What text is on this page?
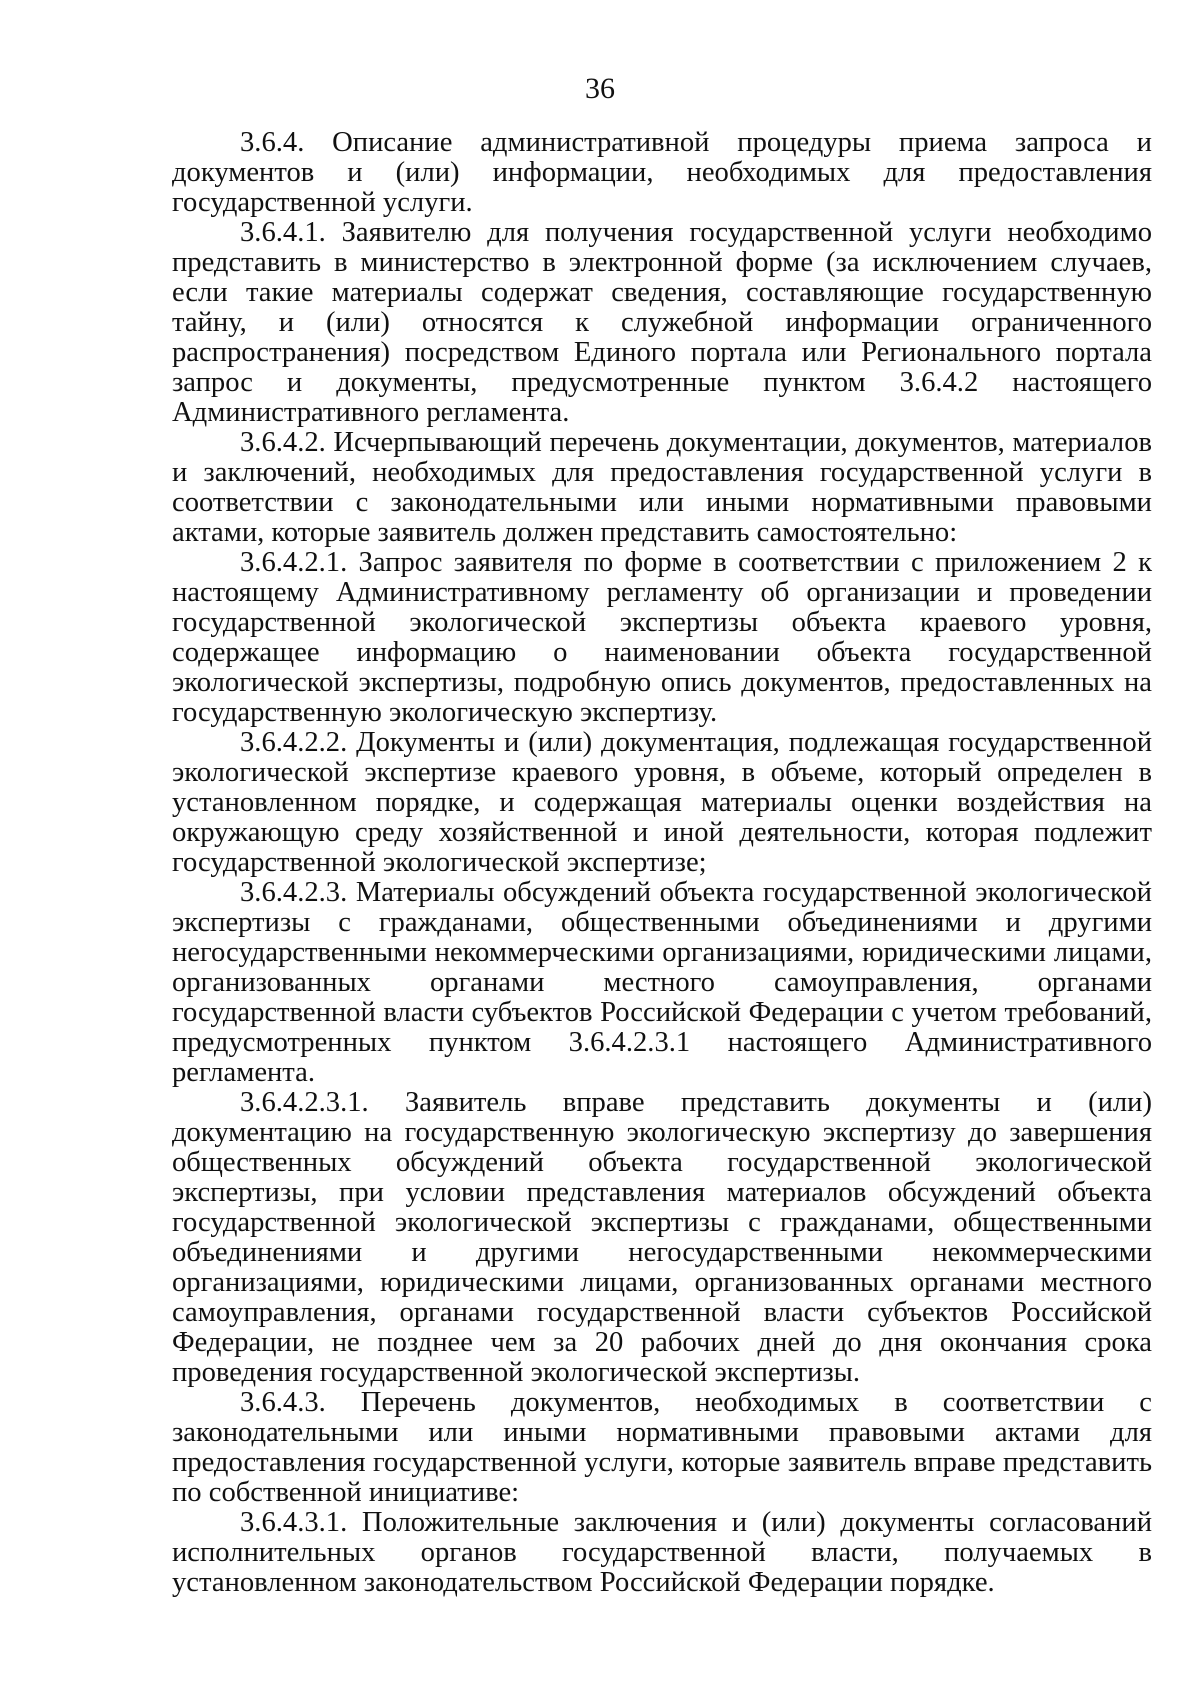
36

3.6.4. Описание административной процедуры приема запроса и документов и (или) информации, необходимых для предоставления государственной услуги.

3.6.4.1. Заявителю для получения государственной услуги необходимо представить в министерство в электронной форме (за исключением случаев, если такие материалы содержат сведения, составляющие государственную тайну, и (или) относятся к служебной информации ограниченного распространения) посредством Единого портала или Регионального портала запрос и документы, предусмотренные пунктом 3.6.4.2 настоящего Административного регламента.

3.6.4.2. Исчерпывающий перечень документации, документов, материалов и заключений, необходимых для предоставления государственной услуги в соответствии с законодательными или иными нормативными правовыми актами, которые заявитель должен представить самостоятельно:

3.6.4.2.1. Запрос заявителя по форме в соответствии с приложением 2 к настоящему Административному регламенту об организации и проведении государственной экологической экспертизы объекта краевого уровня, содержащее информацию о наименовании объекта государственной экологической экспертизы, подробную опись документов, предоставленных на государственную экологическую экспертизу.

3.6.4.2.2. Документы и (или) документация, подлежащая государственной экологической экспертизе краевого уровня, в объеме, который определен в установленном порядке, и содержащая материалы оценки воздействия на окружающую среду хозяйственной и иной деятельности, которая подлежит государственной экологической экспертизе;

3.6.4.2.3. Материалы обсуждений объекта государственной экологической экспертизы с гражданами, общественными объединениями и другими негосударственными некоммерческими организациями, юридическими лицами, организованных органами местного самоуправления, органами государственной власти субъектов Российской Федерации с учетом требований, предусмотренных пунктом 3.6.4.2.3.1 настоящего Административного регламента.

3.6.4.2.3.1. Заявитель вправе представить документы и (или) документацию на государственную экологическую экспертизу до завершения общественных обсуждений объекта государственной экологической экспертизы, при условии представления материалов обсуждений объекта государственной экологической экспертизы с гражданами, общественными объединениями и другими негосударственными некоммерческими организациями, юридическими лицами, организованных органами местного самоуправления, органами государственной власти субъектов Российской Федерации, не позднее чем за 20 рабочих дней до дня окончания срока проведения государственной экологической экспертизы.

3.6.4.3. Перечень документов, необходимых в соответствии с законодательными или иными нормативными правовыми актами для предоставления государственной услуги, которые заявитель вправе представить по собственной инициативе:

3.6.4.3.1. Положительные заключения и (или) документы согласований исполнительных органов государственной власти, получаемых в установленном законодательством Российской Федерации порядке.
